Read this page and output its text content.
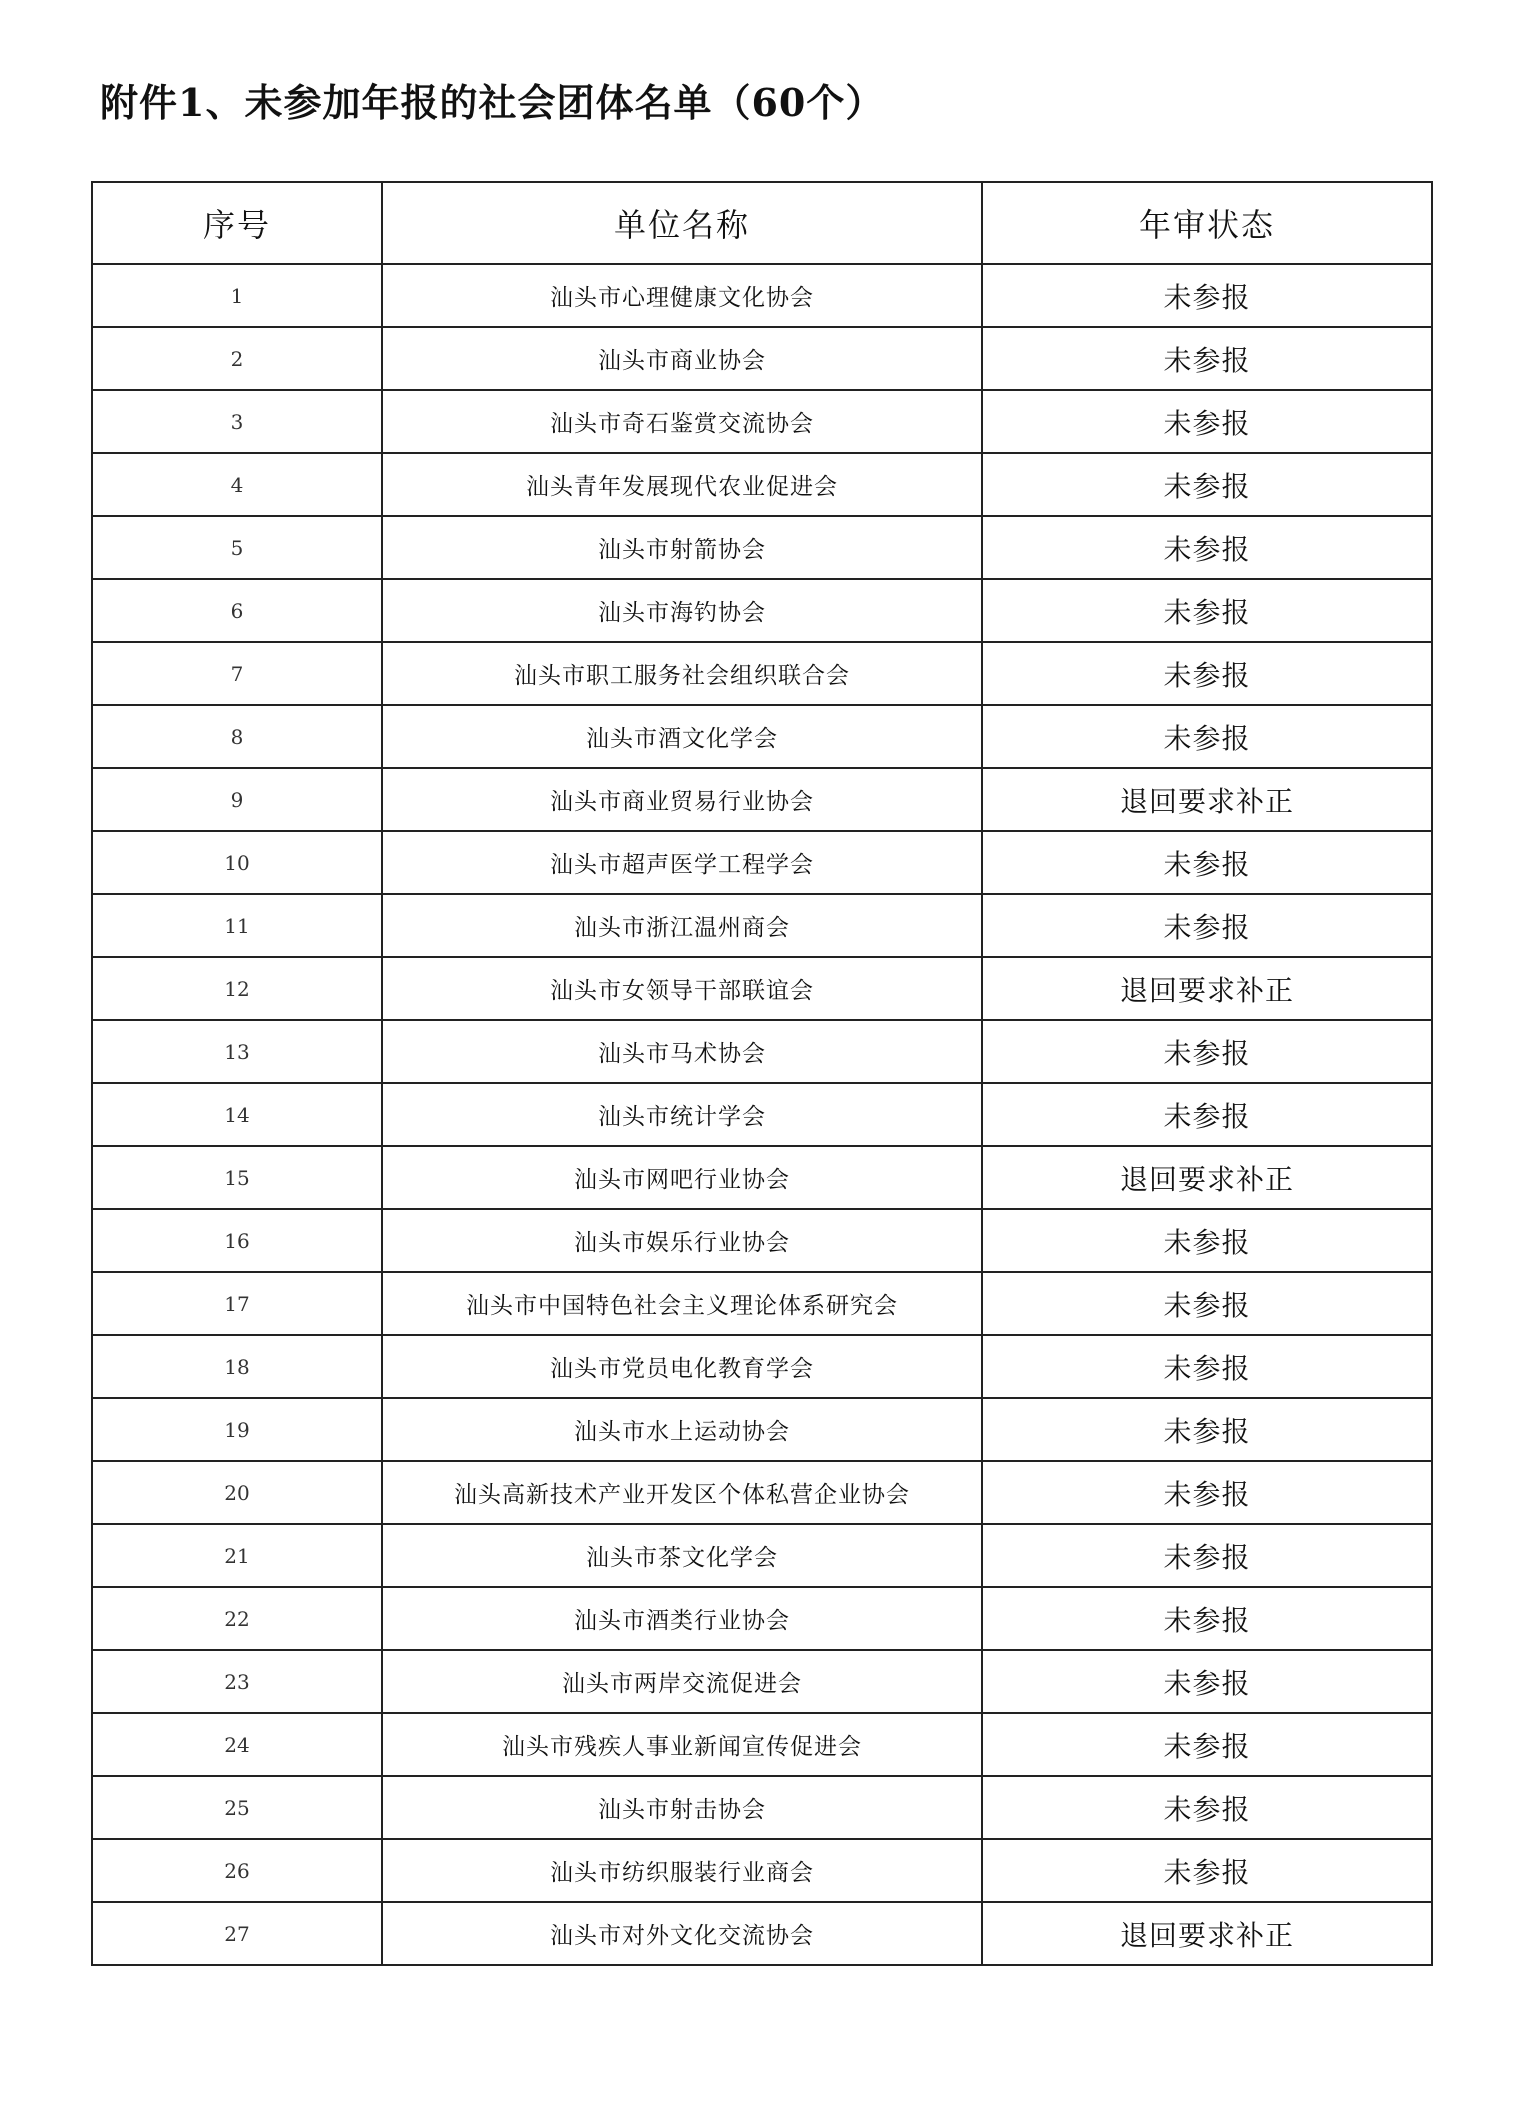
附件1、未参加年报的社会团体名单（60个）
序号	单位名称	年审状态
1	汕头市心理健康文化协会	未参报
2	汕头市商业协会	未参报
3	汕头市奇石鉴赏交流协会	未参报
4	汕头青年发展现代农业促进会	未参报
5	汕头市射箭协会	未参报
6	汕头市海钓协会	未参报
7	汕头市职工服务社会组织联合会	未参报
8	汕头市酒文化学会	未参报
9	汕头市商业贸易行业协会	退回要求补正
10	汕头市超声医学工程学会	未参报
11	汕头市浙江温州商会	未参报
12	汕头市女领导干部联谊会	退回要求补正
13	汕头市马术协会	未参报
14	汕头市统计学会	未参报
15	汕头市网吧行业协会	退回要求补正
16	汕头市娱乐行业协会	未参报
17	汕头市中国特色社会主义理论体系研究会	未参报
18	汕头市党员电化教育学会	未参报
19	汕头市水上运动协会	未参报
20	汕头高新技术产业开发区个体私营企业协会	未参报
21	汕头市茶文化学会	未参报
22	汕头市酒类行业协会	未参报
23	汕头市两岸交流促进会	未参报
24	汕头市残疾人事业新闻宣传促进会	未参报
25	汕头市射击协会	未参报
26	汕头市纺织服装行业商会	未参报
27	汕头市对外文化交流协会	退回要求补正
